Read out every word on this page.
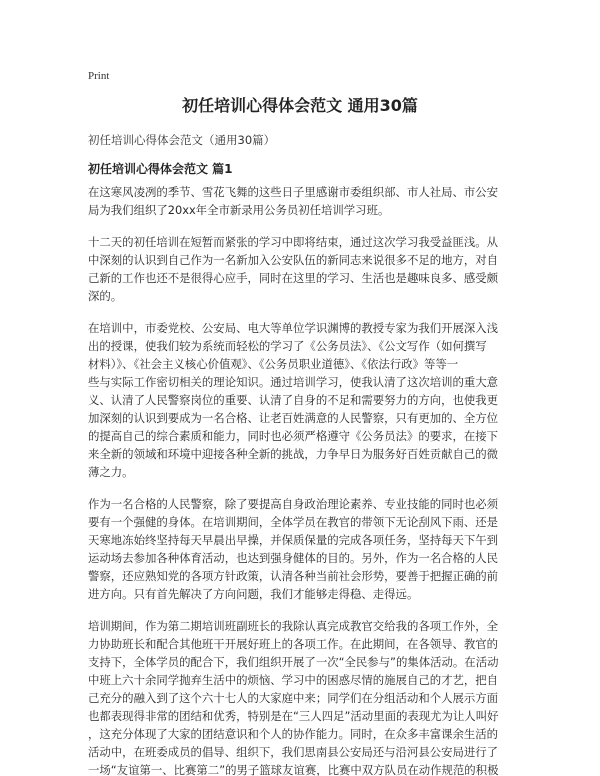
Print
初任培训心得体会范文 通用30篇
初任培训心得体会范文（通用30篇）
初任培训心得体会范文 篇1

在这寒风凌冽的季节、雪花飞舞的这些日子里感谢市委组织部、市人社局、市公安
局为我们组织了20xx年全市新录用公务员初任培训学习班。

十二天的初任培训在短暂而紧张的学习中即将结束，通过这次学习我受益匪浅。从
中深刻的认识到自己作为一名新加入公安队伍的新同志来说很多不足的地方，对自
己新的工作也还不是很得心应手，同时在这里的学习、生活也是趣味良多、感受颇
深的。

在培训中，市委党校、公安局、电大等单位学识渊博的教授专家为我们开展深入浅
出的授课，使我们较为系统而轻松的学习了《公务员法》、《公文写作（如何撰写
材料）》、《社会主义核心价值观》、《公务员职业道德》、《依法行政》等等一
些与实际工作密切相关的理论知识。通过培训学习，使我认清了这次培训的重大意
义、认清了人民警察岗位的重要、认清了自身的不足和需要努力的方向，也使我更
加深刻的认识到要成为一名合格、让老百姓满意的人民警察，只有更加的、全方位
的提高自己的综合素质和能力，同时也必须严格遵守《公务员法》的要求，在接下
来全新的领域和环境中迎接各种全新的挑战，力争早日为服务好百姓贡献自己的微
薄之力。

作为一名合格的人民警察，除了要提高自身政治理论素养、专业技能的同时也必须
要有一个强健的身体。在培训期间，全体学员在教官的带领下无论刮风下雨、还是
天寒地冻始终坚持每天早晨出早操，并保质保量的完成各项任务，坚持每天下午到
运动场去参加各种体育活动，也达到强身健体的目的。另外，作为一名合格的人民
警察，还应熟知党的各项方针政策，认清各种当前社会形势，要善于把握正确的前
进方向。只有首先解决了方向问题，我们才能够走得稳、走得远。

培训期间，作为第二期培训班副班长的我除认真完成教官交给我的各项工作外，全
力协助班长和配合其他班干开展好班上的各项工作。在此期间，在各领导、教官的
支持下，全体学员的配合下，我们组织开展了一次“全民参与”的集体活动。在活动
中班上六十余同学抛弃生活中的烦恼、学习中的困惑尽情的施展自己的才艺，把自
己充分的融入到了这个六十七人的大家庭中来；同学们在分组活动和个人展示方面
也都表现得非常的团结和优秀，特别是在“三人四足”活动里面的表现尤为让人叫好
，这充分体现了大家的团结意识和个人的协作能力。同时，在众多丰富课余生活的
活动中，在班委成员的倡导、组织下，我们思南县公安局还与沿河县公安局进行了
一场“友谊第一、比赛第二”的男子篮球友谊赛，比赛中双方队员在动作规范的积极
